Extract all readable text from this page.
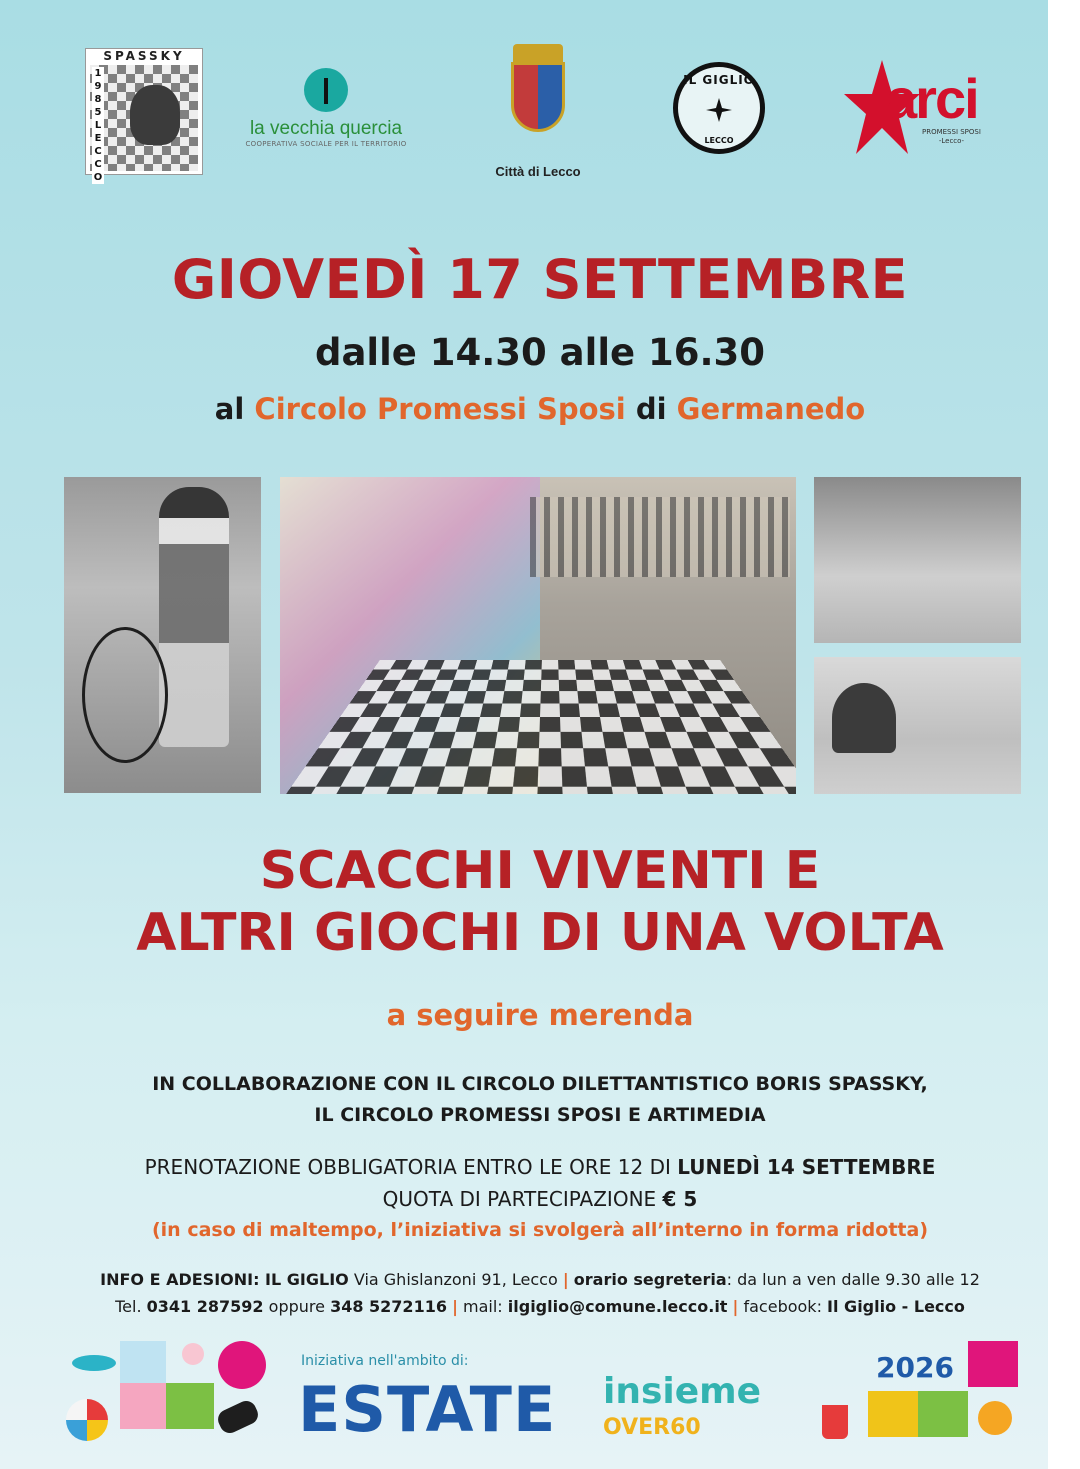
SPASSKY
1
9
8
5
L
E
C
C
O
la vecchia quercia
COOPERATIVA SOCIALE PER IL TERRITORIO
Città di Lecco
IL GIGLIO
LECCO
arci
PROMESSI SPOSI
-Lecco-
GIOVEDÌ 17 SETTEMBRE
dalle 14.30 alle 16.30
al Circolo Promessi Sposi di Germanedo
SCACCHI VIVENTI E
ALTRI GIOCHI DI UNA VOLTA
a seguire merenda
IN COLLABORAZIONE CON IL CIRCOLO DILETTANTISTICO BORIS SPASSKY,
IL CIRCOLO PROMESSI SPOSI E ARTIMEDIA
PRENOTAZIONE OBBLIGATORIA ENTRO LE ORE 12 DI LUNEDÌ 14 SETTEMBRE
QUOTA DI PARTECIPAZIONE € 5
(in caso di maltempo, l’iniziativa si svolgerà all’interno in forma ridotta)
INFO E ADESIONI: IL GIGLIO Via Ghislanzoni 91, Lecco | orario segreteria: da lun a ven dalle 9.30 alle 12
Tel. 0341 287592 oppure 348 5272116 | mail: ilgiglio@comune.lecco.it | facebook: Il Giglio - Lecco
Iniziativa nell'ambito di:
ESTATE insieme
OVER60
2026
